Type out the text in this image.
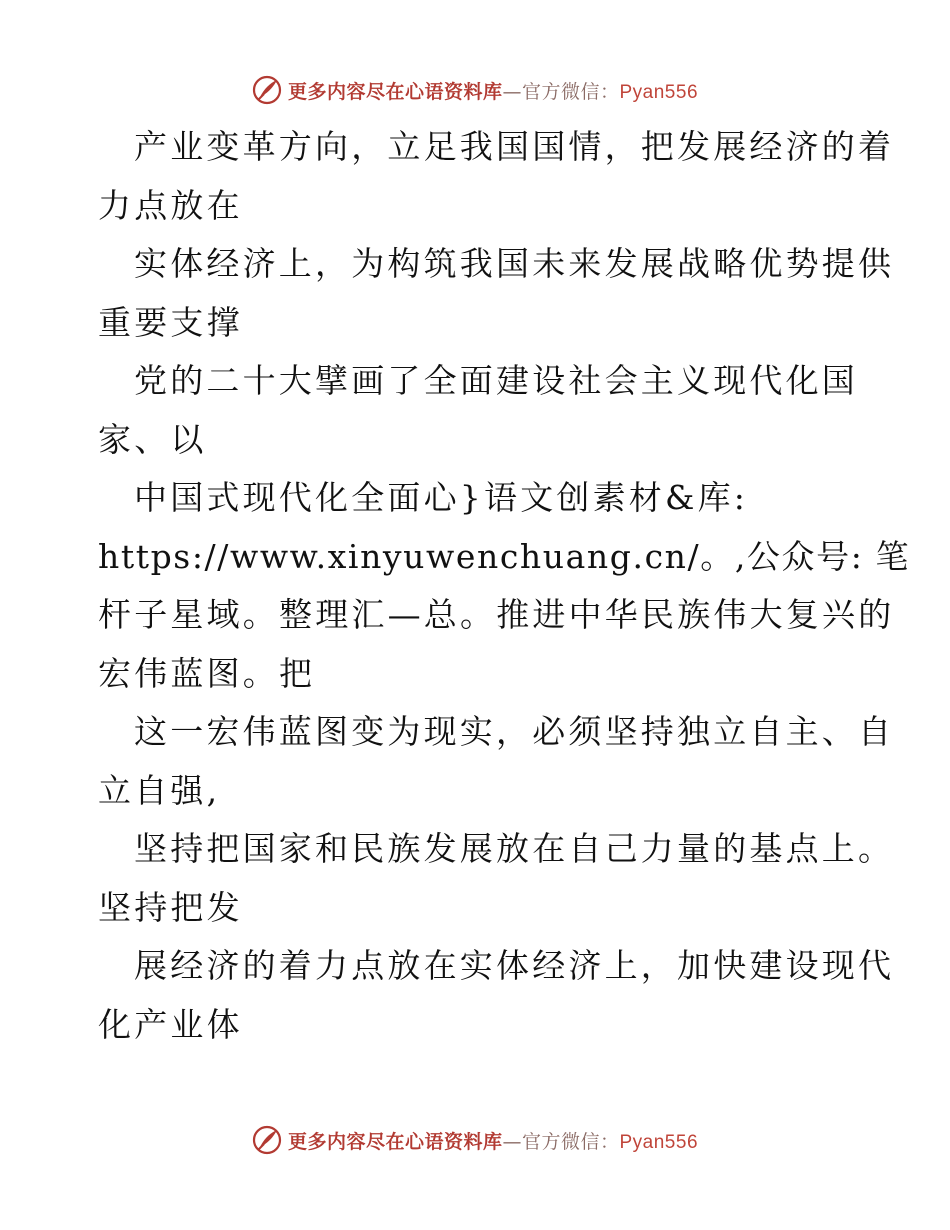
更多内容尽在心语资料库—官方微信：Pyan556
产业变革方向，立足我国国情，把发展经济的着
力点放在
实体经济上，为构筑我国未来发展战略优势提供
重要支撑
党的二十大擘画了全面建设社会主义现代化国
家、以
中国式现代化全面心}语文创素材&库:
https://www.xinyuwenchuang.cn/。,公众号: 笔
杆子星域。整理汇—总。推进中华民族伟大复兴的
宏伟蓝图。把
这一宏伟蓝图变为现实，必须坚持独立自主、自
立自强,
坚持把国家和民族发展放在自己力量的基点上。
坚持把发
展经济的着力点放在实体经济上，加快建设现代
化产业体
更多内容尽在心语资料库—官方微信：Pyan556
